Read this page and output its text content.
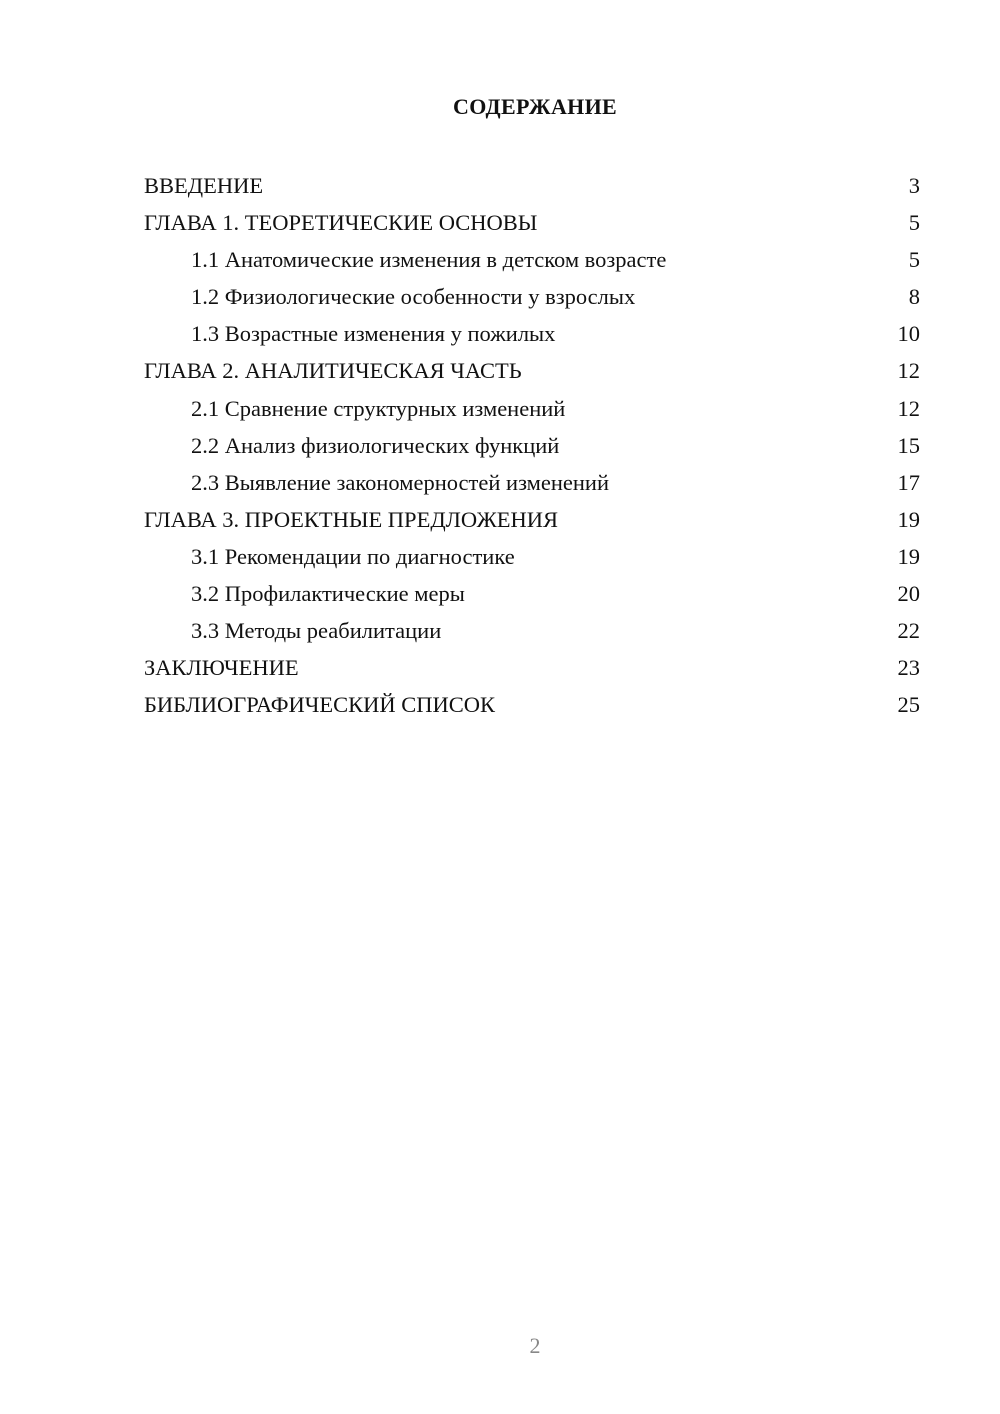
СОДЕРЖАНИЕ
ВВЕДЕНИЕ	3
ГЛАВА 1. ТЕОРЕТИЧЕСКИЕ ОСНОВЫ	5
1.1 Анатомические изменения в детском возрасте	5
1.2 Физиологические особенности у взрослых	8
1.3 Возрастные изменения у пожилых	10
ГЛАВА 2. АНАЛИТИЧЕСКАЯ ЧАСТЬ	12
2.1 Сравнение структурных изменений	12
2.2 Анализ физиологических функций	15
2.3 Выявление закономерностей изменений	17
ГЛАВА 3. ПРОЕКТНЫЕ ПРЕДЛОЖЕНИЯ	19
3.1 Рекомендации по диагностике	19
3.2 Профилактические меры	20
3.3 Методы реабилитации	22
ЗАКЛЮЧЕНИЕ	23
БИБЛИОГРАФИЧЕСКИЙ СПИСОК	25
2
